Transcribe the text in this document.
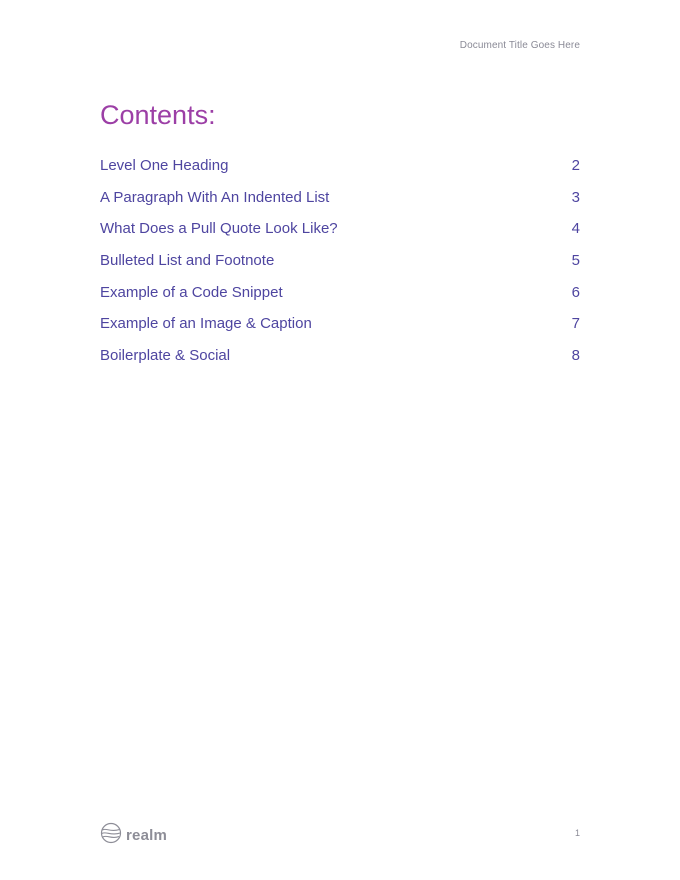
Document Title Goes Here
Contents:
Level One Heading	2
A Paragraph With An Indented List	3
What Does a Pull Quote Look Like?	4
Bulleted List and Footnote	5
Example of a Code Snippet	6
Example of an Image & Caption	7
Boilerplate & Social	8
realm	1
